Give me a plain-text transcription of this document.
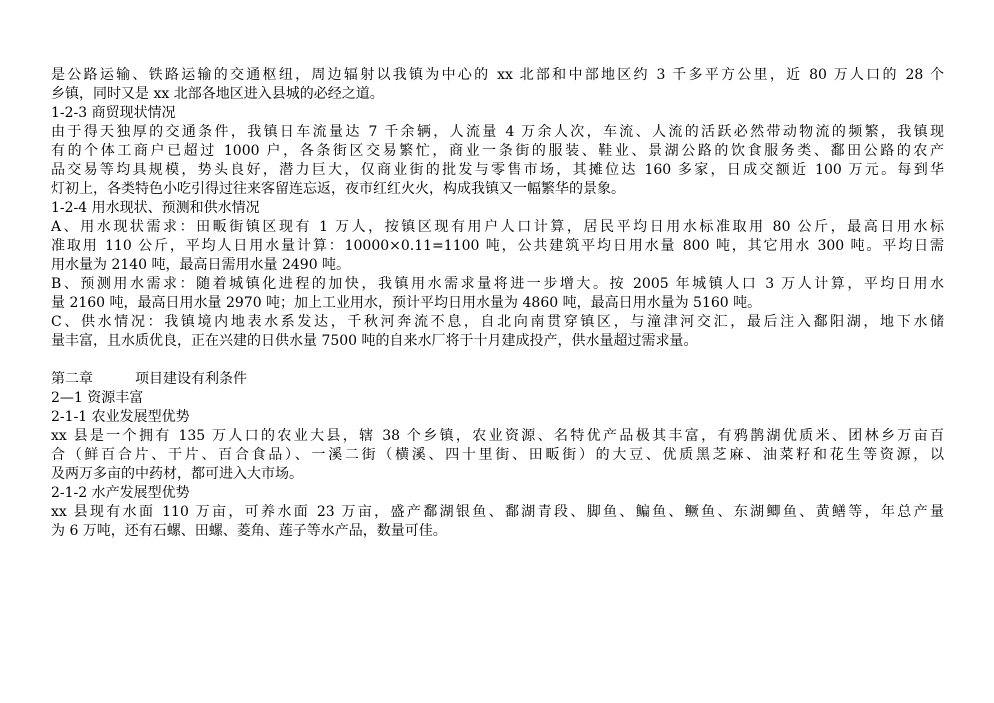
是公路运输、铁路运输的交通枢纽，周边辐射以我镇为中心的 xx 北部和中部地区约 3 千多平方公里，近 80 万人口的 28 个
乡镇，同时又是 xx 北部各地区进入县城的必经之道。
1-2-3 商贸现状情况
由于得天独厚的交通条件，我镇日车流量达 7 千余辆，人流量 4 万余人次，车流、人流的活跃必然带动物流的频繁，我镇现
有的个体工商户已超过 1000 户，各条街区交易繁忙，商业一条街的服装、鞋业、景湖公路的饮食服务类、鄱田公路的农产
品交易等均具规模，势头良好，潜力巨大，仅商业街的批发与零售市场，其摊位达 160 多家，日成交额近 100 万元。每到华
灯初上，各类特色小吃引得过往来客留连忘返，夜市红红火火，构成我镇又一幅繁华的景象。
1-2-4 用水现状、预测和供水情况
A、用水现状需求：田畈街镇区现有 1 万人，按镇区现有用户人口计算，居民平均日用水标准取用 80 公斤，最高日用水标
准取用 110 公斤，平均人日用水量计算：10000×0.11=1100 吨，公共建筑平均日用水量 800 吨，其它用水 300 吨。平均日需
用水量为 2140 吨，最高日需用水量 2490 吨。
B、预测用水需求：随着城镇化进程的加快，我镇用水需求量将进一步增大。按 2005 年城镇人口 3 万人计算，平均日用水
量 2160 吨，最高日用水量 2970 吨；加上工业用水，预计平均日用水量为 4860 吨，最高日用水量为 5160 吨。
C、供水情况：我镇境内地表水系发达，千秋河奔流不息，自北向南贯穿镇区，与潼津河交汇，最后注入鄱阳湖，地下水储
量丰富，且水质优良，正在兴建的日供水量 7500 吨的自来水厂将于十月建成投产，供水量超过需求量。
第二章	项目建设有利条件
2—1 资源丰富
2-1-1 农业发展型优势
xx 县是一个拥有 135 万人口的农业大县，辖 38 个乡镇，农业资源、名特优产品极其丰富，有鸦鹊湖优质米、团林乡万亩百
合（鲜百合片、干片、百合食品）、一溪二街（横溪、四十里街、田畈街）的大豆、优质黑芝麻、油菜籽和花生等资源，以
及两万多亩的中药材，都可进入大市场。
2-1-2 水产发展型优势
xx 县现有水面 110 万亩，可养水面 23 万亩，盛产鄱湖银鱼、鄱湖青段、脚鱼、鳊鱼、鳜鱼、东湖鲫鱼、黄鳝等，年总产量
为 6 万吨，还有石螺、田螺、菱角、莲子等水产品，数量可佳。
